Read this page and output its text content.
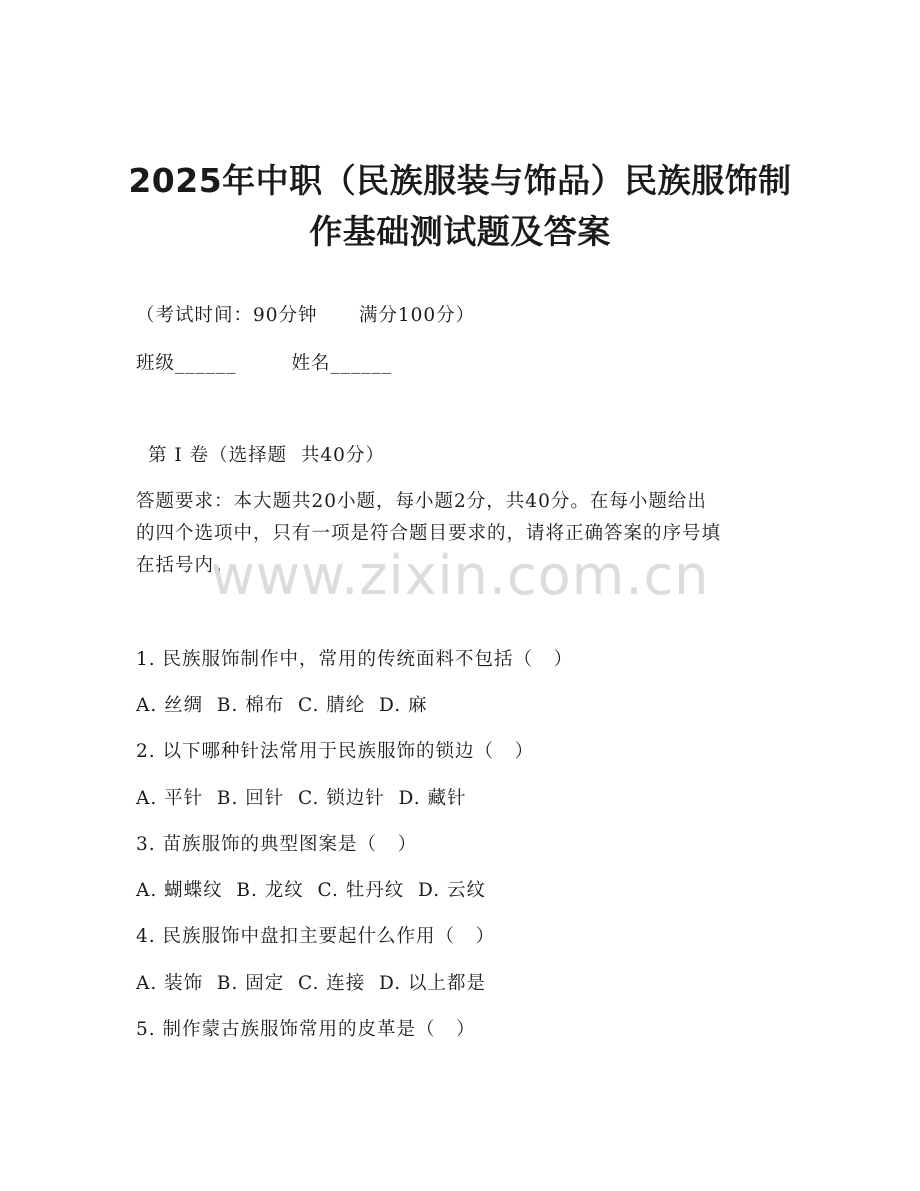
2025年中职（民族服装与饰品）民族服饰制
作基础测试题及答案
（考试时间：90分钟      满分100分）
班级______        姓名______
第 I 卷（选择题  共40分）
答题要求：本大题共20小题，每小题2分，共40分。在每小题给出
的四个选项中，只有一项是符合题目要求的，请将正确答案的序号填
在括号内。
www.zixin.com.cn
1. 民族服饰制作中，常用的传统面料不包括（   ）
A. 丝绸  B. 棉布  C. 腈纶  D. 麻
2. 以下哪种针法常用于民族服饰的锁边（   ）
A. 平针  B. 回针  C. 锁边针  D. 藏针
3. 苗族服饰的典型图案是（   ）
A. 蝴蝶纹  B. 龙纹  C. 牡丹纹  D. 云纹
4. 民族服饰中盘扣主要起什么作用（   ）
A. 装饰  B. 固定  C. 连接  D. 以上都是
5. 制作蒙古族服饰常用的皮革是（   ）
